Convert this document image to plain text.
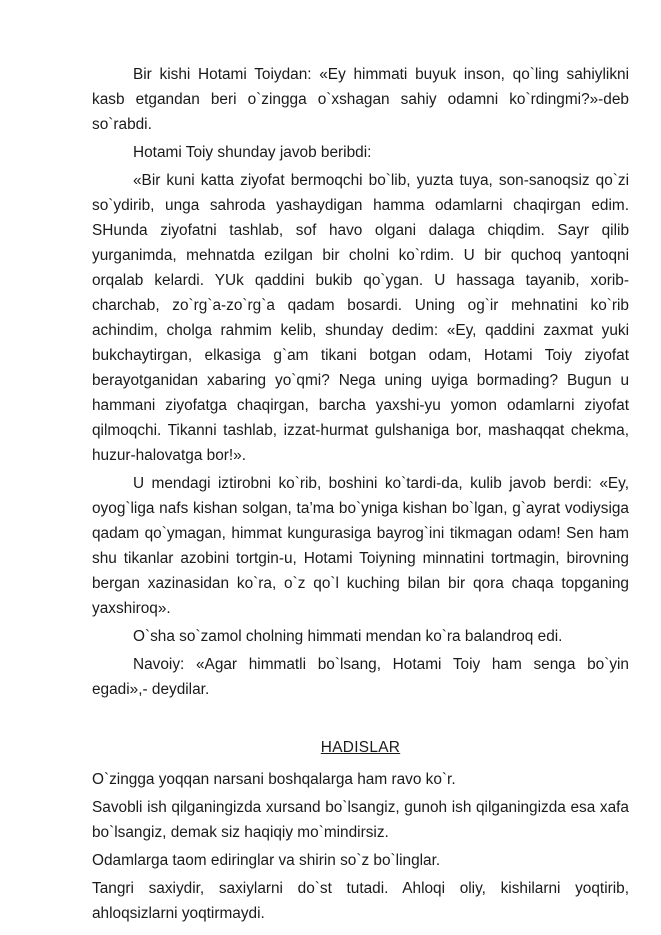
Bir kishi Hotami Toiydan: «Ey himmati buyuk inson, qo`ling sahiylikni kasb etgandan beri o`zingga o`xshagan sahiy odamni ko`rdingmi?»-deb so`rabdi.

Hotami Toiy shunday javob beribdi:

«Bir kuni katta ziyofat bermoqchi bo`lib, yuzta tuya, son-sanoqsiz qo`zi so`ydirib, unga sahroda yashaydigan hamma odamlarni chaqirgan edim. SHunda ziyofatni tashlab, sof havo olgani dalaga chiqdim. Sayr qilib yurganimda, mehnatda ezilgan bir cholni ko`rdim. U bir quchoq yantoqni orqalab kelardi. YUk qaddini bukib qo`ygan. U hassaga tayanib, xorib-charchab, zo`rg`a-zo`rg`a qadam bosardi. Uning og`ir mehnatini ko`rib achindim, cholga rahmim kelib, shunday dedim: «Ey, qaddini zaxmat yuki bukchaytirgan, elkasiga g`am tikani botgan odam, Hotami Toiy ziyofat berayotganidan xabaring yo`qmi? Nega uning uyiga bormading? Bugun u hammani ziyofatga chaqirgan, barcha yaxshi-yu yomon odamlarni ziyofat qilmoqchi. Tikanni tashlab, izzat-hurmat gulshaniga bor, mashaqqat chekma, huzur-halovatga bor!».

U mendagi iztirobni ko`rib, boshini ko`tardi-da, kulib javob berdi: «Ey, oyog`liga nafs kishan solgan, ta’ma bo`yniga kishan bo`lgan, g`ayrat vodiysiga qadam qo`ymagan, himmat kungurasiga bayrog`ini tikmagan odam! Sen ham shu tikanlar azobini tortgin-u, Hotami Toiyning minnatini tortmagin, birovning bergan xazinasidan ko`ra, o`z qo`l kuching bilan bir qora chaqa topganing yaxshiroq».

O`sha so`zamol cholning himmati mendan ko`ra balandroq edi.

Navoiy: «Agar himmatli bo`lsang, Hotami Toiy ham senga bo`yin egadi»,- deydilar.

HADISLAR

O`zingga yoqqan narsani boshqalarga ham ravo ko`r.

Savobli ish qilganingizda xursand bo`lsangiz, gunoh ish qilganingizda esa xafa bo`lsangiz, demak siz haqiqiy mo`mindirsiz.

Odamlarga taom ediringlar va shirin so`z bo`linglar.

Tangri saxiydir, saxiylarni do`st tutadi. Ahloqi oliy, kishilarni yoqtirib, ahloqsizlarni yoqtirmaydi.
